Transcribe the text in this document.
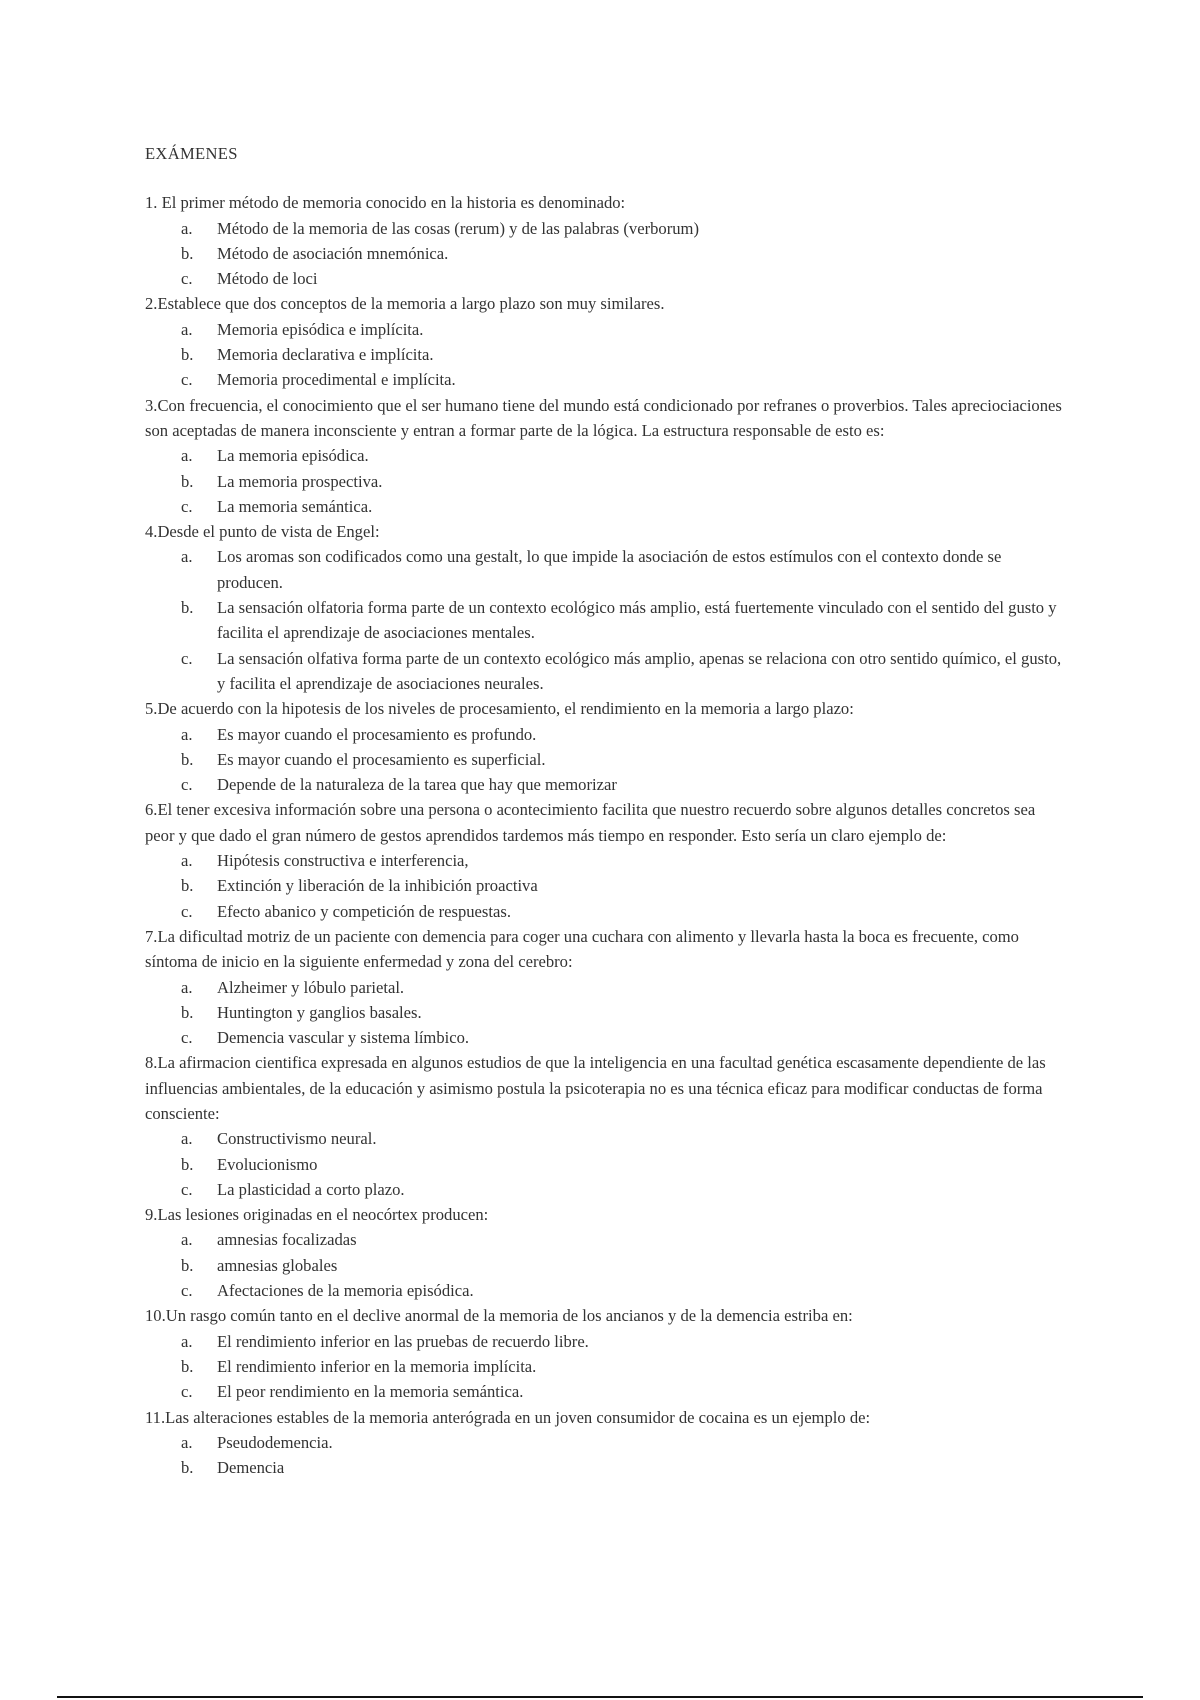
EXÁMENES

1. El primer método de memoria conocido en la historia es denominado:

a. Método de la memoria de las cosas (rerum) y de las palabras (verborum)
b. Método de asociación mnemónica.
c. Método de loci

2.Establece que dos conceptos de la memoria a largo plazo son muy similares.

a. Memoria episódica e implícita.
b. Memoria declarativa e implícita.
c. Memoria procedimental e implícita.

3.Con frecuencia, el conocimiento que el ser humano tiene del mundo está condicionado por refranes o proverbios. Tales apreciociaciones son aceptadas de manera inconsciente y entran a formar parte de la lógica. La estructura responsable de esto es:

a. La memoria episódica.
b. La memoria prospectiva.
c. La memoria semántica.

4.Desde el punto de vista de Engel:

a. Los aromas son codificados como una gestalt, lo que impide la asociación de estos estímulos con el contexto donde se producen.
b. La sensación olfatoria forma parte de un contexto ecológico más amplio, está fuertemente vinculado con el sentido del gusto y facilita el aprendizaje de asociaciones mentales.
c. La sensación olfativa forma parte de un contexto ecológico más amplio, apenas se relaciona con otro sentido químico, el gusto, y facilita el aprendizaje de asociaciones neurales.

5.De acuerdo con la hipotesis de los niveles de procesamiento, el rendimiento en la memoria a largo plazo:

a. Es mayor cuando el procesamiento es profundo.
b. Es mayor cuando el procesamiento es superficial.
c. Depende de la naturaleza de la tarea que hay que memorizar

6.El tener excesiva información sobre una persona o acontecimiento facilita que nuestro recuerdo sobre algunos detalles concretos sea peor y que dado el gran número de gestos aprendidos tardemos más tiempo en responder. Esto sería un claro ejemplo de:

a. Hipótesis constructiva e interferencia,
b. Extinción y liberación de la inhibición proactiva
c. Efecto abanico y competición de respuestas.

7.La dificultad motriz de un paciente con demencia para coger una cuchara con alimento y llevarla hasta la boca es frecuente, como síntoma de inicio en la siguiente enfermedad y zona del cerebro:

a. Alzheimer y lóbulo parietal.
b. Huntington y ganglios basales.
c. Demencia vascular y sistema límbico.

8.La afirmacion cientifica expresada en algunos estudios de que la inteligencia en una facultad genética escasamente dependiente de las influencias ambientales, de la educación y asimismo postula la psicoterapia no es una técnica eficaz para modificar conductas de forma consciente:

a. Constructivismo neural.
b. Evolucionismo
c. La plasticidad a corto plazo.

9.Las lesiones originadas en el neocórtex producen:

a. amnesias focalizadas
b. amnesias globales
c. Afectaciones de la memoria episódica.

10.Un rasgo común tanto en el declive anormal de la memoria de los ancianos y de la demencia estriba en:

a. El rendimiento inferior en las pruebas de recuerdo libre.
b. El rendimiento inferior en la memoria implícita.
c. El peor rendimiento en la memoria semántica.

11.Las alteraciones estables de la memoria anterógrada en un joven consumidor de cocaina es un ejemplo de:

a. Pseudodemencia.
b. Demencia
